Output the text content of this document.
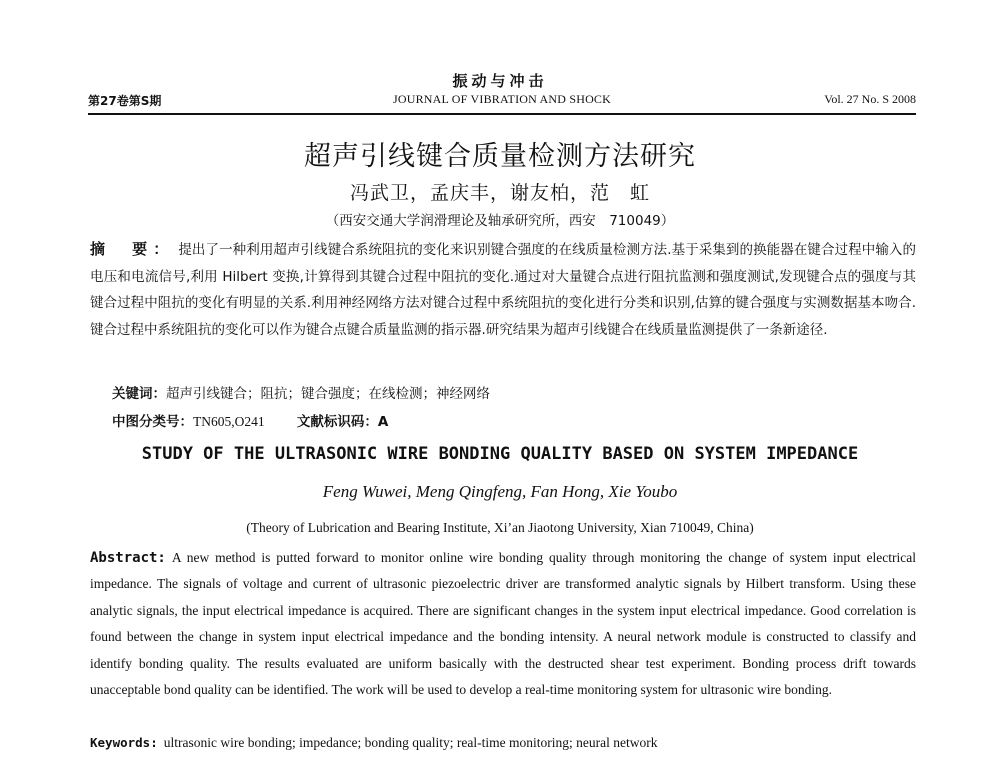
振动与冲击
第27卷第S期	JOURNAL OF VIBRATION AND SHOCK	Vol. 27 No. S 2008
超声引线键合质量检测方法研究
冯武卫，孟庆丰，谢友柏，范　虹
（西安交通大学润滑理论及轴承研究所，西安　710049）
摘　要： 提出了一种利用超声引线键合系统阻抗的变化来识别键合强度的在线质量检测方法.基于采集到的换能器在键合过程中输入的电压和电流信号,利用 Hilbert 变换,计算得到其键合过程中阻抗的变化.通过对大量键合点进行阻抗监测和强度测试,发现键合点的强度与其键合过程中阻抗的变化有明显的关系.利用神经网络方法对键合过程中系统阻抗的变化进行分类和识别,估算的键合强度与实测数据基本吻合.键合过程中系统阻抗的变化可以作为键合点键合质量监测的指示器.研究结果为超声引线键合在线质量监测提供了一条新途径.
关键词：超声引线键合；阻抗；键合强度；在线检测；神经网络
中图分类号：TN605,O241 文献标识码：A
STUDY OF THE ULTRASONIC WIRE BONDING QUALITY BASED ON SYSTEM IMPEDANCE
Feng Wuwei, Meng Qingfeng, Fan Hong, Xie Youbo
(Theory of Lubrication and Bearing Institute, Xi’an Jiaotong University, Xian 710049, China)
Abstract: A new method is putted forward to monitor online wire bonding quality through monitoring the change of system input electrical impedance. The signals of voltage and current of ultrasonic piezoelectric driver are transformed analytic signals by Hilbert transform. Using these analytic signals, the input electrical impedance is acquired. There are significant changes in the system input electrical impedance. Good correlation is found between the change in system input electrical impedance and the bonding intensity. A neural network module is constructed to classify and identify bonding quality. The results evaluated are uniform basically with the destructed shear test experiment. Bonding process drift towards unacceptable bond quality can be identified. The work will be used to develop a real-time monitoring system for ultrasonic wire bonding.
Keywords: ultrasonic wire bonding; impedance; bonding quality; real-time monitoring; neural network
